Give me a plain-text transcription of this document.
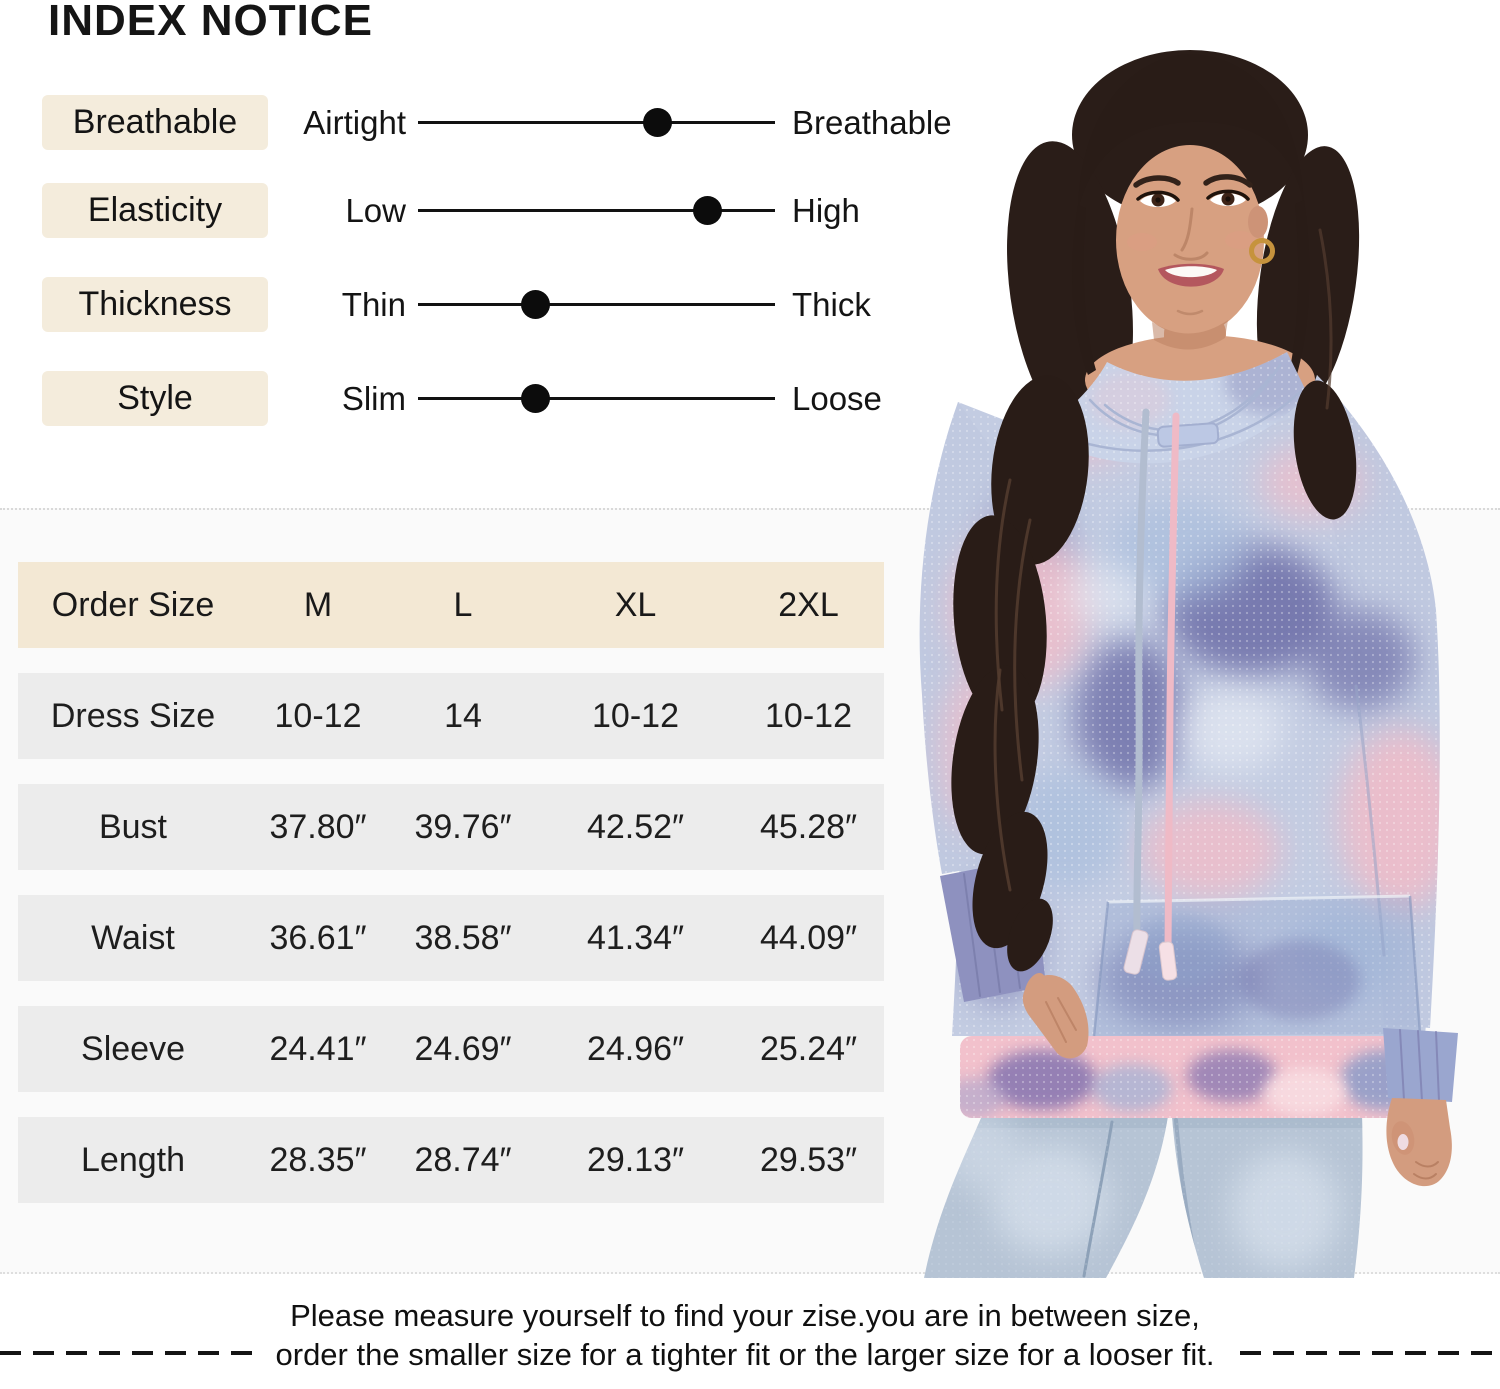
INDEX NOTICE
Breathable	Airtight	Breathable
Elasticity	Low	High
Thickness	Thin	Thick
Style	Slim	Loose
Order Size	M	L	XL	2XL
Dress Size	10-12	14	10-12	10-12
Bust	37.80″	39.76″	42.52″	45.28″
Waist	36.61″	38.58″	41.34″	44.09″
Sleeve	24.41″	24.69″	24.96″	25.24″
Length	28.35″	28.74″	29.13″	29.53″
Please measure yourself to find your zise.you are in between size,
order the smaller size for a tighter fit or the larger size for a looser fit.
